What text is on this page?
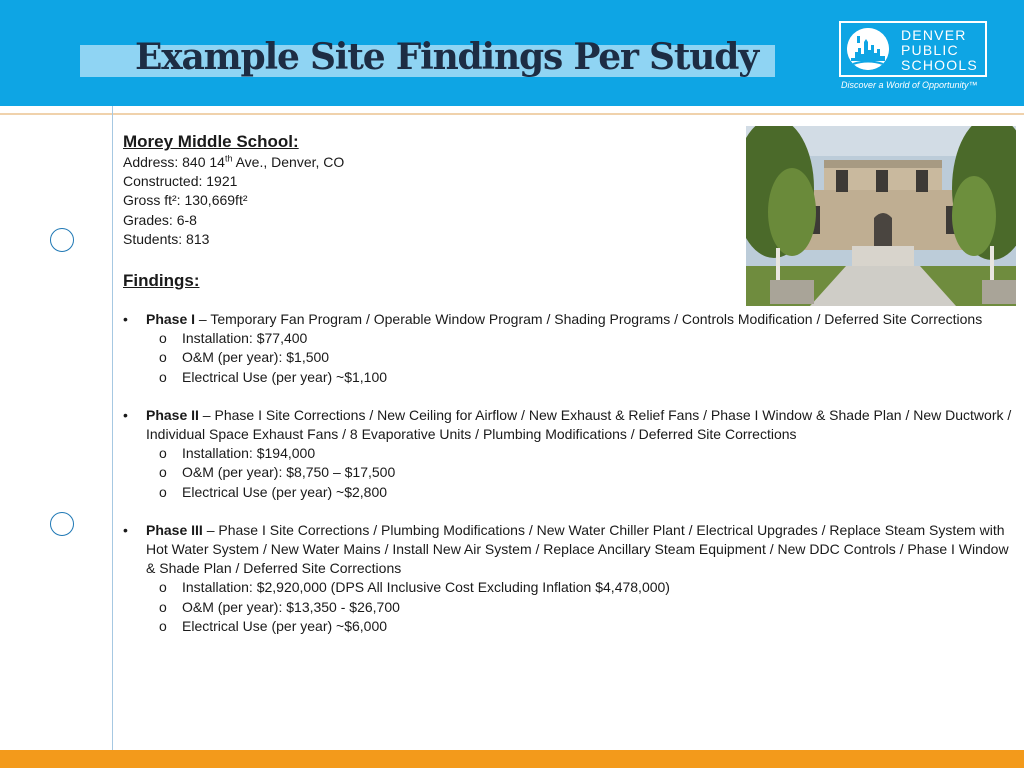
Example Site Findings Per Study
DENVER
PUBLIC
SCHOOLS
Discover a World of Opportunity™
Morey Middle School:
Address: 840 14th Ave., Denver, CO
Constructed: 1921
Gross ft²: 130,669ft²
Grades: 6-8
Students: 813
Findings:
• Phase I – Temporary Fan Program / Operable Window Program / Shading Programs / Controls Modification / Deferred Site Corrections
o Installation: $77,400
o O&M (per year): $1,500
o Electrical Use (per year) ~$1,100
• Phase II – Phase I Site Corrections / New Ceiling for Airflow / New Exhaust & Relief Fans / Phase I Window & Shade Plan / New Ductwork / Individual Space Exhaust Fans / 8 Evaporative Units / Plumbing Modifications / Deferred Site Corrections
o Installation: $194,000
o O&M (per year): $8,750 – $17,500
o Electrical Use (per year) ~$2,800
• Phase III – Phase I Site Corrections / Plumbing Modifications / New Water Chiller Plant / Electrical Upgrades / Replace Steam System with Hot Water System / New Water Mains / Install New Air System / Replace Ancillary Steam Equipment / New DDC Controls / Phase I Window & Shade Plan / Deferred Site Corrections
o Installation: $2,920,000 (DPS All Inclusive Cost Excluding Inflation $4,478,000)
o O&M (per year): $13,350 - $26,700
o Electrical Use (per year) ~$6,000
